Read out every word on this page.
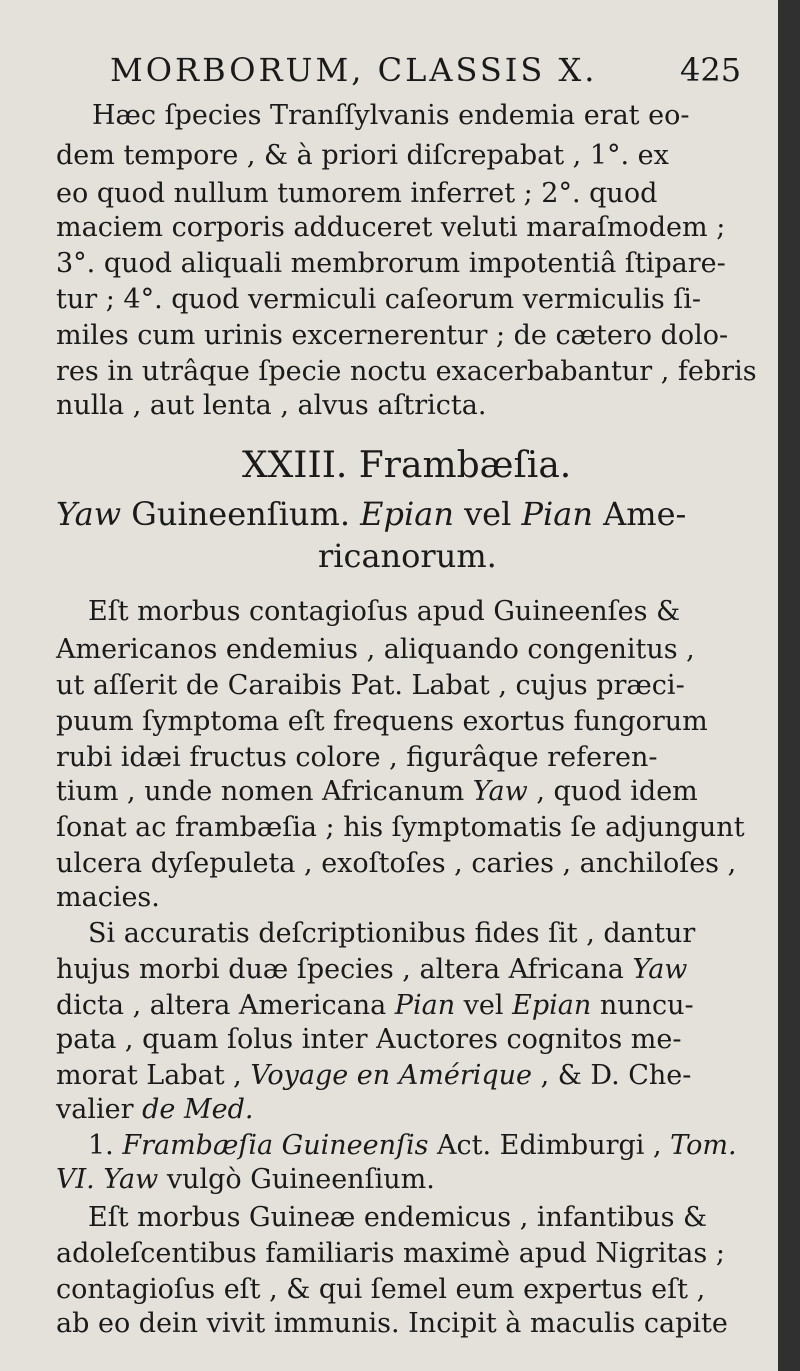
MORBORUM, CLASSIS X.	425
Hæc ſpecies Tranſſylvanis endemia erat eo-
dem tempore , & à priori diſcrepabat , 1°. ex
eo quod nullum tumorem inferret ; 2°. quod
maciem corporis adduceret veluti maraſmodem ;
3°. quod aliquali membrorum impotentiâ ſtipare-
tur ; 4°. quod vermiculi caſeorum vermiculis ſi-
miles cum urinis excernerentur ; de cætero dolo-
res in utrâque ſpecie noctu exacerbabantur , febris
nulla , aut lenta , alvus aſtricta.
XXIII. Frambæſia.
Yaw Guineenſium. Epian vel Pian Ame-
ricanorum.
Eſt morbus contagioſus apud Guineenſes &
Americanos endemius , aliquando congenitus ,
ut aſſerit de Caraibis Pat. Labat , cujus præci-
puum ſymptoma eſt frequens exortus fungorum
rubi idæi fructus colore , figurâque referen-
tium , unde nomen Africanum Yaw , quod idem
ſonat ac frambæſia ; his ſymptomatis ſe adjungunt
ulcera dyſepuleta , exoſtoſes , caries , anchiloſes ,
macies.
Si accuratis deſcriptionibus fides ſit , dantur
hujus morbi duæ ſpecies , altera Africana Yaw
dicta , altera Americana Pian vel Epian nuncu-
pata , quam ſolus inter Auctores cognitos me-
morat Labat , Voyage en Amérique , & D. Che-
valier de Med.
1. Frambæſia Guineenſis Act. Edimburgi , Tom.
VI. Yaw vulgò Guineenſium.
Eſt morbus Guineæ endemicus , infantibus &
adoleſcentibus familiaris maximè apud Nigritas ;
contagioſus eſt , & qui ſemel eum expertus eſt ,
ab eo dein vivit immunis. Incipit à maculis capite
